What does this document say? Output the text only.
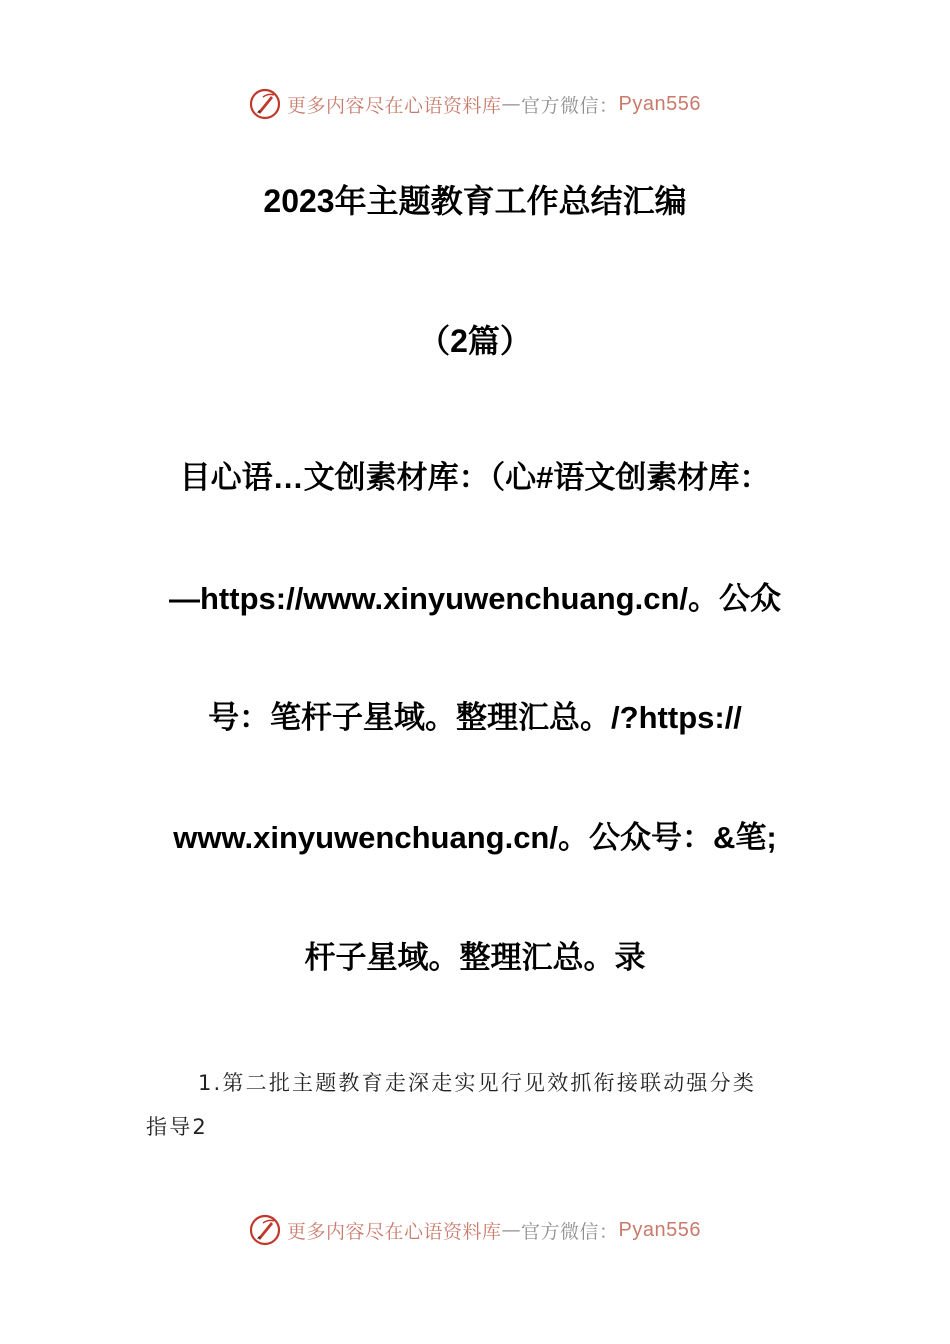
更多内容尽在心语资料库 — 官方微信： Pyan556
2023年主题教育工作总结汇编
（2篇）
目心语…文创素材库：（心#语文创素材库：
—https://www.xinyuwenchuang.cn/。公众
号：笔杆子星域。整理汇总。/?https://
www.xinyuwenchuang.cn/。公众号：&笔;
杆子星域。整理汇总。录
1.第二批主题教育走深走实见行见效抓衔接联动强分类
指导2
更多内容尽在心语资料库 — 官方微信： Pyan556
